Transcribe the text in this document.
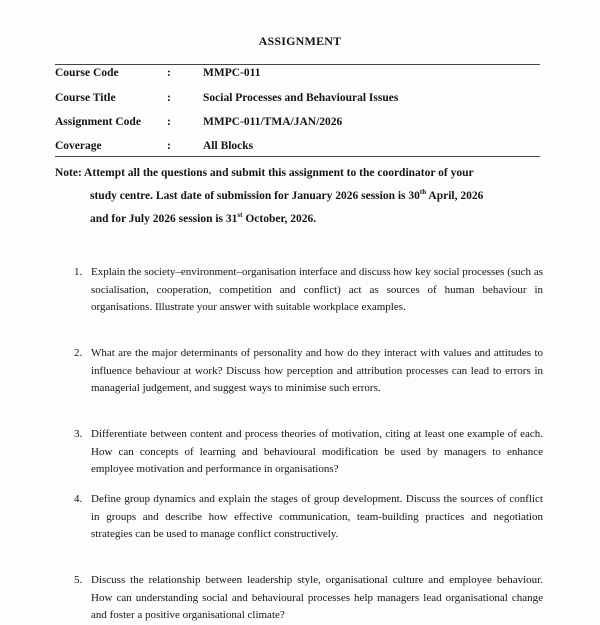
ASSIGNMENT
Course Code	:	MMPC-011
Course Title	:	Social Processes and Behavioural Issues
Assignment Code :	MMPC-011/TMA/JAN/2026
Coverage	:	All Blocks
Note: Attempt all the questions and submit this assignment to the coordinator of your
study centre. Last date of submission for January 2026 session is 30th April, 2026
and for July 2026 session is 31st October, 2026.
1. Explain the society–environment–organisation interface and discuss how key social processes (such as socialisation, cooperation, competition and conflict) act as sources of human behaviour in organisations. Illustrate your answer with suitable workplace examples.
2. What are the major determinants of personality and how do they interact with values and attitudes to influence behaviour at work? Discuss how perception and attribution processes can lead to errors in managerial judgement, and suggest ways to minimise such errors.
3. Differentiate between content and process theories of motivation, citing at least one example of each. How can concepts of learning and behavioural modification be used by managers to enhance employee motivation and performance in organisations?
4. Define group dynamics and explain the stages of group development. Discuss the sources of conflict in groups and describe how effective communication, team-building practices and negotiation strategies can be used to manage conflict constructively.
5. Discuss the relationship between leadership style, organisational culture and employee behaviour. How can understanding social and behavioural processes help managers lead organisational change and foster a positive organisational climate?
